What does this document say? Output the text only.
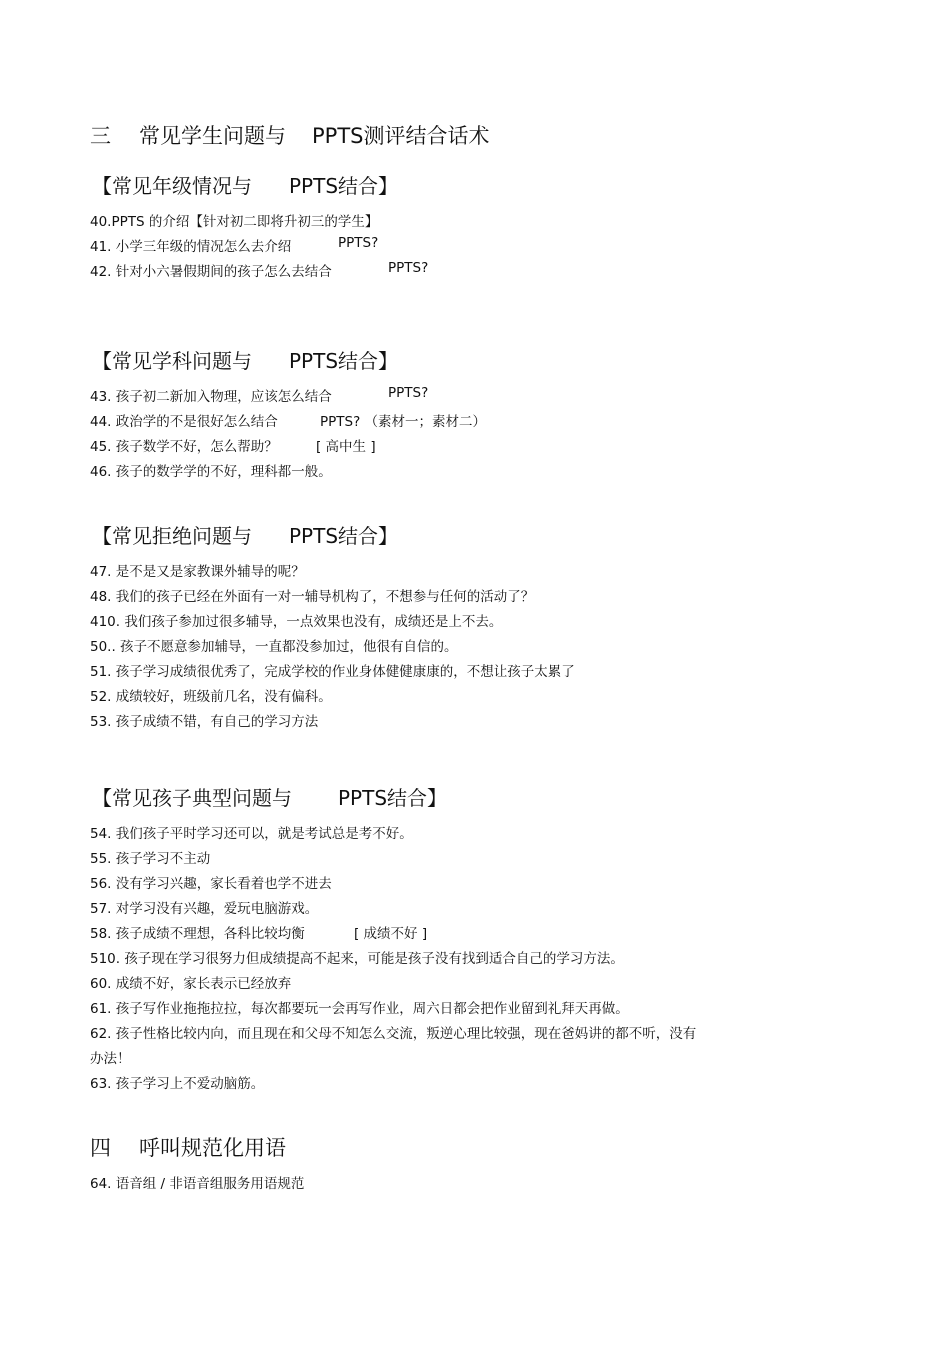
三 常见学生问题与 PPTS测评结合话术
【常见年级情况与 PPTS结合】
40.PPTS 的介绍【针对初二即将升初三的学生】
41. 小学三年级的情况怎么去介绍	PPTS?
42. 针对小六暑假期间的孩子怎么去结合	PPTS?
【常见学科问题与 PPTS结合】
43. 孩子初二新加入物理，应该怎么结合	PPTS?
44. 政治学的不是很好怎么结合	PPTS? （素材一；素材二）
45. 孩子数学不好，怎么帮助？	[ 高中生 ]
46. 孩子的数学学的不好，理科都一般。
【常见拒绝问题与 PPTS结合】
47. 是不是又是家教课外辅导的呢？
48. 我们的孩子已经在外面有一对一辅导机构了，不想参与任何的活动了？
410. 我们孩子参加过很多辅导，一点效果也没有，成绩还是上不去。
50.. 孩子不愿意参加辅导，一直都没参加过，他很有自信的。
51. 孩子学习成绩很优秀了，完成学校的作业身体健健康康的，不想让孩子太累了
52. 成绩较好，班级前几名，没有偏科。
53. 孩子成绩不错，有自己的学习方法
【常见孩子典型问题与 PPTS结合】
54. 我们孩子平时学习还可以，就是考试总是考不好。
55. 孩子学习不主动
56. 没有学习兴趣，家长看着也学不进去
57. 对学习没有兴趣，爱玩电脑游戏。
58. 孩子成绩不理想，各科比较均衡	[ 成绩不好 ]
510. 孩子现在学习很努力但成绩提高不起来，可能是孩子没有找到适合自己的学习方法。
60. 成绩不好，家长表示已经放弃
61. 孩子写作业拖拖拉拉，每次都要玩一会再写作业，周六日都会把作业留到礼拜天再做。
62. 孩子性格比较内向，而且现在和父母不知怎么交流，叛逆心理比较强，现在爸妈讲的都不听，没有
办法！
63. 孩子学习上不爱动脑筋。
四 呼叫规范化用语
64. 语音组 / 非语音组服务用语规范
